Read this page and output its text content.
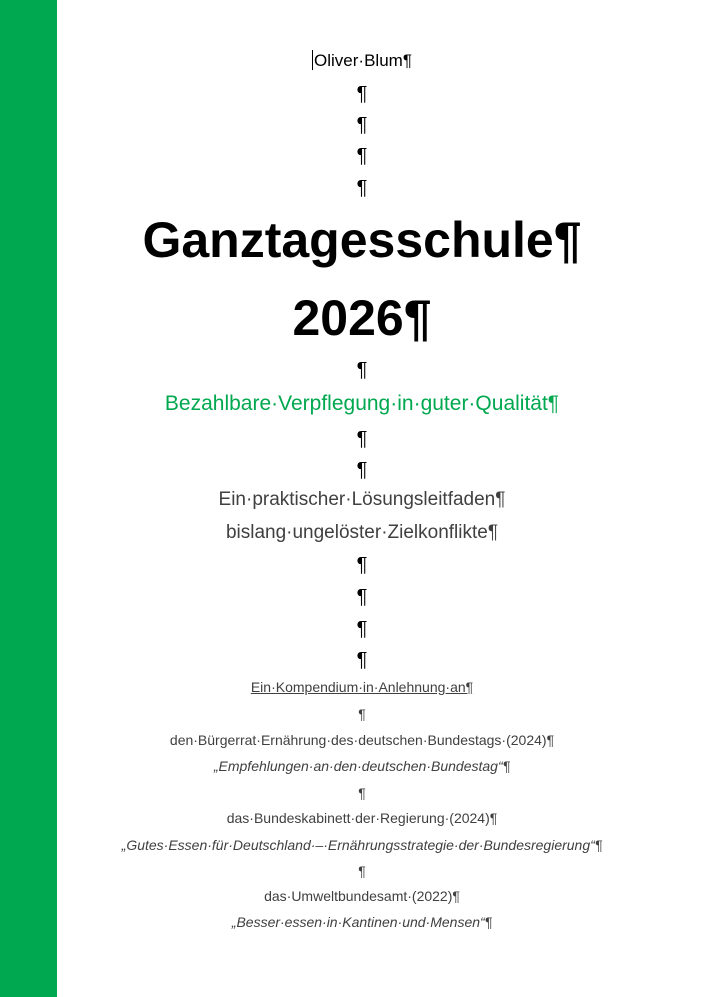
Oliver·Blum¶
¶
¶
¶
¶
Ganztagesschule¶
2026¶
¶
Bezahlbare·Verpflegung·in·guter·Qualität¶
¶
¶
Ein·praktischer·Lösungsleitfaden¶
bislang·ungelöster·Zielkonflikte¶
¶
¶
¶
¶
Ein·Kompendium·in·Anlehnung·an¶
¶
den·Bürgerrat·Ernährung·des·deutschen·Bundestags·(2024)¶
„Empfehlungen·an·den·deutschen·Bundestag“¶
¶
das·Bundeskabinett·der·Regierung·(2024)¶
„Gutes·Essen·für·Deutschland·–·Ernährungsstrategie·der·Bundesregierung“¶
¶
das·Umweltbundesamt·(2022)¶
„Besser·essen·in·Kantinen·und·Mensen“¶
